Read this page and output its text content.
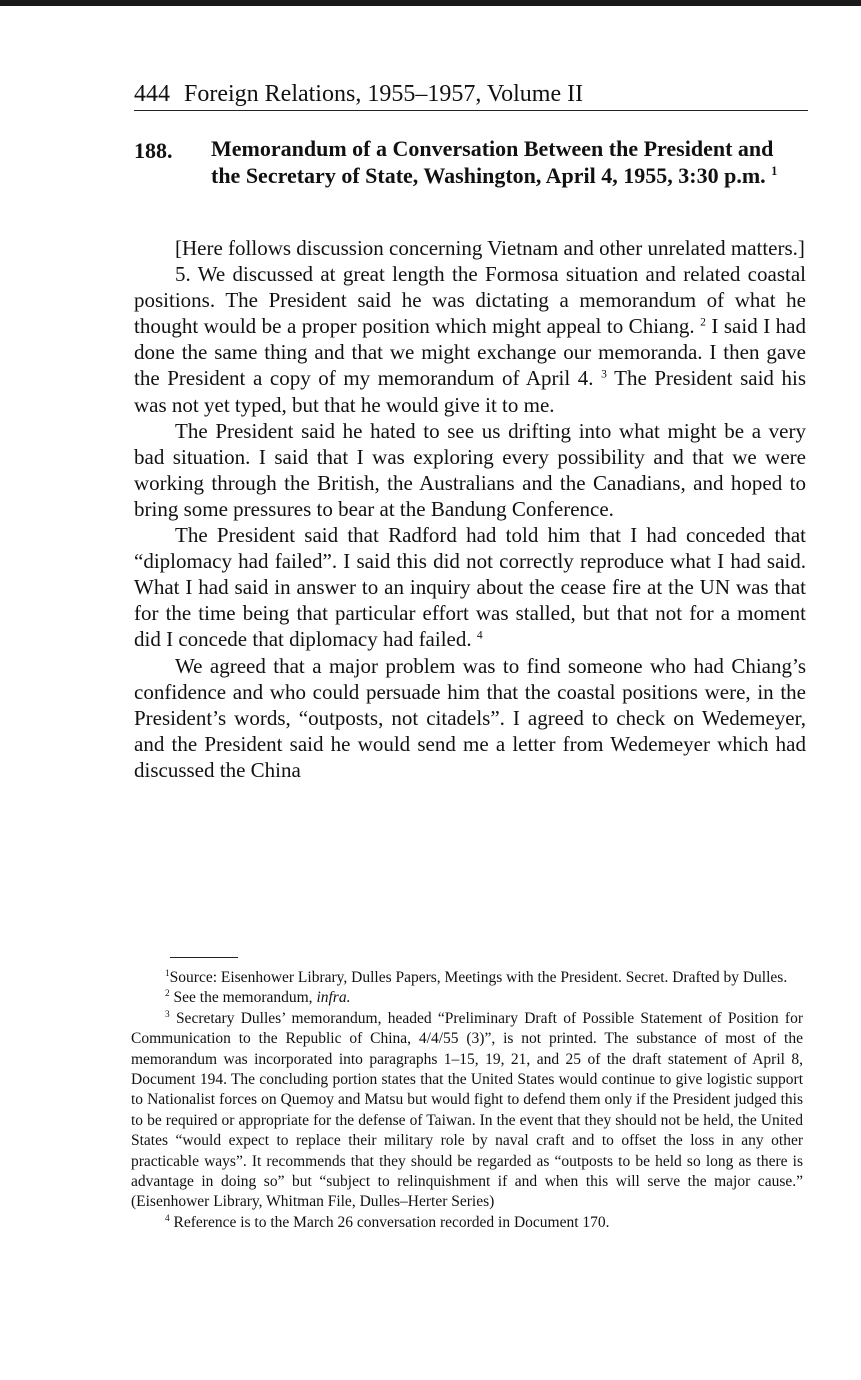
444 Foreign Relations, 1955–1957, Volume II
188. Memorandum of a Conversation Between the President and the Secretary of State, Washington, April 4, 1955, 3:30 p.m. $^1$

[Here follows discussion concerning Vietnam and other unrelated matters.]

5. We discussed at great length the Formosa situation and related coastal positions. The President said he was dictating a memorandum of what he thought would be a proper position which might appeal to Chiang. $^2$ I said I had done the same thing and that we might exchange our memoranda. I then gave the President a copy of my memorandum of April 4. $^3$ The President said his was not yet typed, but that he would give it to me.

The President said he hated to see us drifting into what might be a very bad situation. I said that I was exploring every possibility and that we were working through the British, the Australians and the Canadians, and hoped to bring some pressures to bear at the Bandung Conference.

The President said that Radford had told him that I had conceded that “diplomacy had failed”. I said this did not correctly reproduce what I had said. What I had said in answer to an inquiry about the cease fire at the UN was that for the time being that particular effort was stalled, but that not for a moment did I concede that diplomacy had failed. $^4$

We agreed that a major problem was to find someone who had Chiang’s confidence and who could persuade him that the coastal positions were, in the President’s words, “outposts, not citadels”. I agreed to check on Wedemeyer, and the President said he would send me a letter from Wedemeyer which had discussed the China

$^1$Source: Eisenhower Library, Dulles Papers, Meetings with the President. Secret. Drafted by Dulles.

$^2$ See the memorandum, infra.

$^3$ Secretary Dulles’ memorandum, headed “Preliminary Draft of Possible Statement of Position for Communication to the Republic of China, 4/4/55 (3)”, is not printed. The substance of most of the memorandum was incorporated into paragraphs 1–15, 19, 21, and 25 of the draft statement of April 8, Document 194. The concluding portion states that the United States would continue to give logistic support to Nationalist forces on Quemoy and Matsu but would fight to defend them only if the President judged this to be required or appropriate for the defense of Taiwan. In the event that they should not be held, the United States “would expect to replace their military role by naval craft and to offset the loss in any other practicable ways”. It recommends that they should be regarded as “outposts to be held so long as there is advantage in doing so” but “subject to relinquishment if and when this will serve the major cause.” (Eisenhower Library, Whitman File, Dulles–Herter Series)

$^4$ Reference is to the March 26 conversation recorded in Document 170.
